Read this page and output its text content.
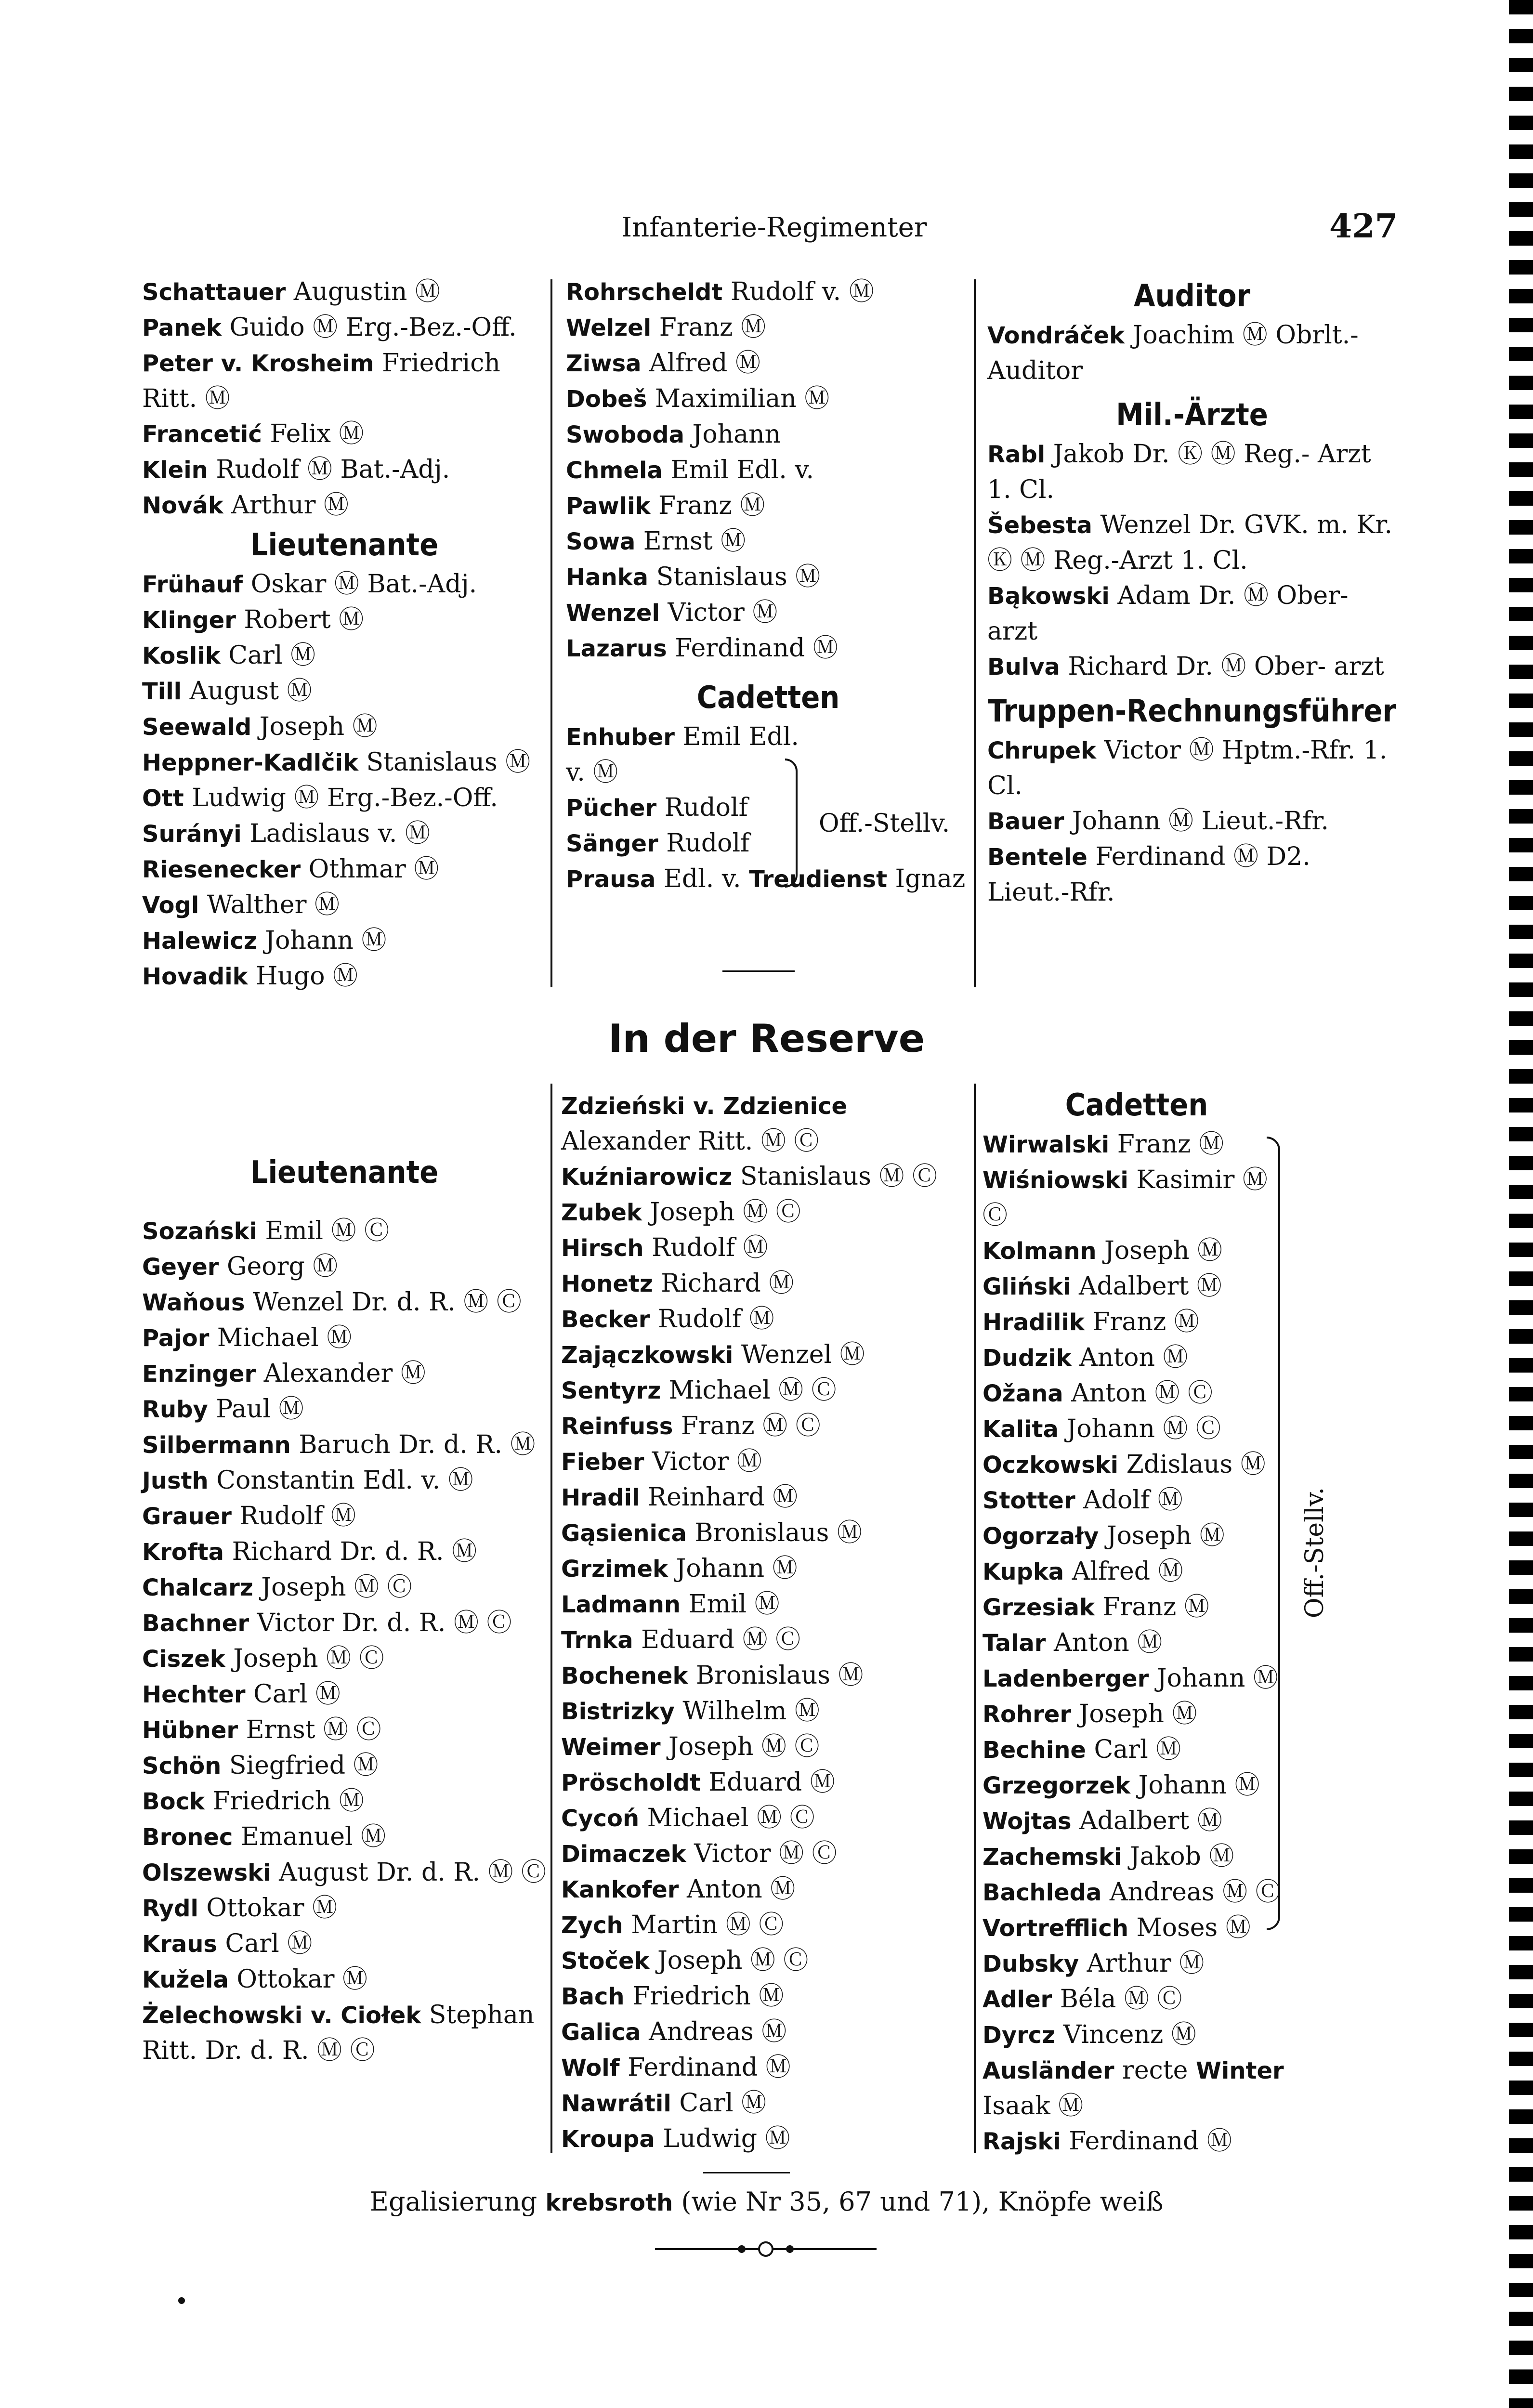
Infanterie-Regimenter	427
Schattauer Augustin Ⓜ
Panek Guido Ⓜ Erg.-Bez.-Off.
Peter v. Krosheim Friedrich Ritt. Ⓜ
Francetić Felix Ⓜ
Klein Rudolf Ⓜ Bat.-Adj.
Novák Arthur Ⓜ
Lieutenante
Frühauf Oskar Ⓜ Bat.-Adj.
Klinger Robert Ⓜ
Koslik Carl Ⓜ
Till August Ⓜ
Seewald Joseph Ⓜ
Heppner-Kadlčik Stanislaus Ⓜ
Ott Ludwig Ⓜ Erg.-Bez.-Off.
Surányi Ladislaus v. Ⓜ
Riesenecker Othmar Ⓜ
Vogl Walther Ⓜ
Halewicz Johann Ⓜ
Hovadik Hugo Ⓜ
Rohrscheldt Rudolf v. Ⓜ
Welzel Franz Ⓜ
Ziwsa Alfred Ⓜ
Dobeš Maximilian Ⓜ
Swoboda Johann
Chmela Emil Edl. v.
Pawlik Franz Ⓜ
Sowa Ernst Ⓜ
Hanka Stanislaus Ⓜ
Wenzel Victor Ⓜ
Lazarus Ferdinand Ⓜ
Cadetten
Enhuber Emil Edl.
v. Ⓜ
Pücher Rudolf
Sänger Rudolf
Prausa Edl. v. Treudienst Ignaz
Off.-Stellv.
Auditor
Vondráček Joachim Ⓜ Obrlt.- Auditor
Mil.-Ärzte
Rabl Jakob Dr. Ⓚ Ⓜ Reg.- Arzt 1. Cl.
Šebesta Wenzel Dr. GVK. m. Kr. Ⓚ Ⓜ Reg.-Arzt 1. Cl.
Bąkowski Adam Dr. Ⓜ Ober- arzt
Bulva Richard Dr. Ⓜ Ober- arzt
Truppen-Rechnungsführer
Chrupek Victor Ⓜ Hptm.-Rfr. 1. Cl.
Bauer Johann Ⓜ Lieut.-Rfr.
Bentele Ferdinand Ⓜ D2. Lieut.-Rfr.
In der Reserve
Lieutenante
Sozański Emil Ⓜ Ⓒ
Geyer Georg Ⓜ
Waňous Wenzel Dr. d. R. Ⓜ Ⓒ
Pajor Michael Ⓜ
Enzinger Alexander Ⓜ
Ruby Paul Ⓜ
Silbermann Baruch Dr. d. R. Ⓜ
Justh Constantin Edl. v. Ⓜ
Grauer Rudolf Ⓜ
Krofta Richard Dr. d. R. Ⓜ
Chalcarz Joseph Ⓜ Ⓒ
Bachner Victor Dr. d. R. Ⓜ Ⓒ
Ciszek Joseph Ⓜ Ⓒ
Hechter Carl Ⓜ
Hübner Ernst Ⓜ Ⓒ
Schön Siegfried Ⓜ
Bock Friedrich Ⓜ
Bronec Emanuel Ⓜ
Olszewski August Dr. d. R. Ⓜ Ⓒ
Rydl Ottokar Ⓜ
Kraus Carl Ⓜ
Kužela Ottokar Ⓜ
Żelechowski v. Ciołek Stephan Ritt. Dr. d. R. Ⓜ Ⓒ
Zdzieński v. Zdzienice Alexander Ritt. Ⓜ Ⓒ
Kuźniarowicz Stanislaus Ⓜ Ⓒ
Zubek Joseph Ⓜ Ⓒ
Hirsch Rudolf Ⓜ
Honetz Richard Ⓜ
Becker Rudolf Ⓜ
Zajączkowski Wenzel Ⓜ
Sentyrz Michael Ⓜ Ⓒ
Reinfuss Franz Ⓜ Ⓒ
Fieber Victor Ⓜ
Hradil Reinhard Ⓜ
Gąsienica Bronislaus Ⓜ
Grzimek Johann Ⓜ
Ladmann Emil Ⓜ
Trnka Eduard Ⓜ Ⓒ
Bochenek Bronislaus Ⓜ
Bistrizky Wilhelm Ⓜ
Weimer Joseph Ⓜ Ⓒ
Pröscholdt Eduard Ⓜ
Cycoń Michael Ⓜ Ⓒ
Dimaczek Victor Ⓜ Ⓒ
Kankofer Anton Ⓜ
Zych Martin Ⓜ Ⓒ
Stoček Joseph Ⓜ Ⓒ
Bach Friedrich Ⓜ
Galica Andreas Ⓜ
Wolf Ferdinand Ⓜ
Nawrátil Carl Ⓜ
Kroupa Ludwig Ⓜ
Cadetten
Wirwalski Franz Ⓜ
Wiśniowski Kasimir Ⓜ Ⓒ
Kolmann Joseph Ⓜ
Gliński Adalbert Ⓜ
Hradilik Franz Ⓜ
Dudzik Anton Ⓜ
Ožana Anton Ⓜ Ⓒ
Kalita Johann Ⓜ Ⓒ
Oczkowski Zdislaus Ⓜ
Stotter Adolf Ⓜ
Ogorzały Joseph Ⓜ
Kupka Alfred Ⓜ
Grzesiak Franz Ⓜ
Talar Anton Ⓜ
Ladenberger Johann Ⓜ
Rohrer Joseph Ⓜ
Bechine Carl Ⓜ
Grzegorzek Johann Ⓜ
Wojtas Adalbert Ⓜ
Zachemski Jakob Ⓜ
Bachleda Andreas Ⓜ Ⓒ
Vortrefflich Moses Ⓜ
Dubsky Arthur Ⓜ
Adler Béla Ⓜ Ⓒ
Dyrcz Vincenz Ⓜ
Ausländer recte Winter Isaak Ⓜ
Rajski Ferdinand Ⓜ
Off.-Stellv.
Egalisierung krebsroth (wie Nr 35, 67 und 71), Knöpfe weiß
